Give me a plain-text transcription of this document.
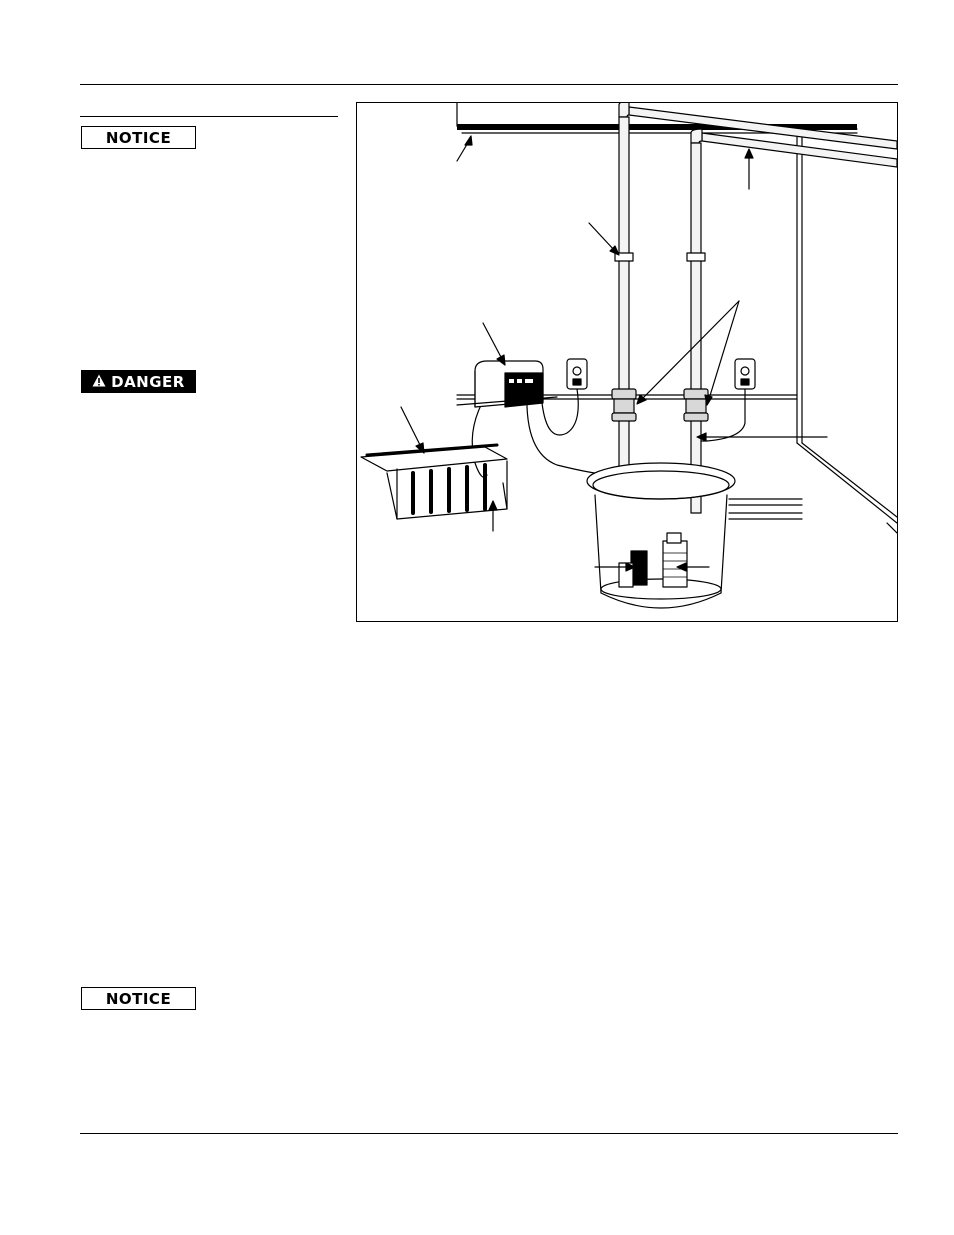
NOTICE
DANGER
NOTICE
